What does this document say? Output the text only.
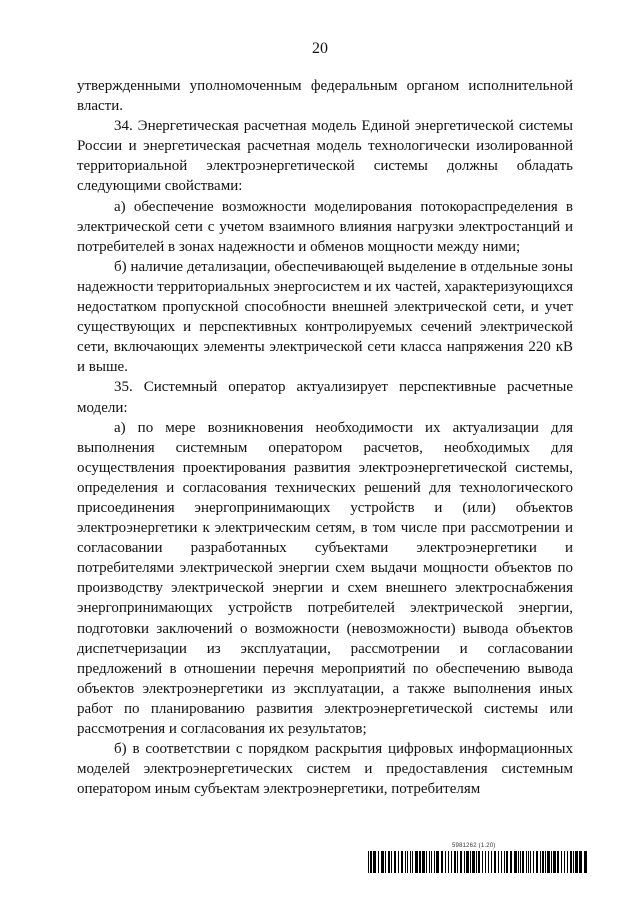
20

утвержденными уполномоченным федеральным органом исполнительной власти.

34. Энергетическая расчетная модель Единой энергетической системы России и энергетическая расчетная модель технологически изолированной территориальной электроэнергетической системы должны обладать следующими свойствами:

а) обеспечение возможности моделирования потокораспределения в электрической сети с учетом взаимного влияния нагрузки электростанций и потребителей в зонах надежности и обменов мощности между ними;

б) наличие детализации, обеспечивающей выделение в отдельные зоны надежности территориальных энергосистем и их частей, характеризующихся недостатком пропускной способности внешней электрической сети, и учет существующих и перспективных контролируемых сечений электрической сети, включающих элементы электрической сети класса напряжения 220 кВ и выше.

35. Системный оператор актуализирует перспективные расчетные модели:

а) по мере возникновения необходимости их актуализации для выполнения системным оператором расчетов, необходимых для осуществления проектирования развития электроэнергетической системы, определения и согласования технических решений для технологического присоединения энергопринимающих устройств и (или) объектов электроэнергетики к электрическим сетям, в том числе при рассмотрении и согласовании разработанных субъектами электроэнергетики и потребителями электрической энергии схем выдачи мощности объектов по производству электрической энергии и схем внешнего электроснабжения энергопринимающих устройств потребителей электрической энергии, подготовки заключений о возможности (невозможности) вывода объектов диспетчеризации из эксплуатации, рассмотрении и согласовании предложений в отношении перечня мероприятий по обеспечению вывода объектов электроэнергетики из эксплуатации, а также выполнения иных работ по планированию развития электроэнергетической системы или рассмотрения и согласования их результатов;

б) в соответствии с порядком раскрытия цифровых информационных моделей электроэнергетических систем и предоставления системным оператором иным субъектам электроэнергетики, потребителям

5981262 (1.20)
